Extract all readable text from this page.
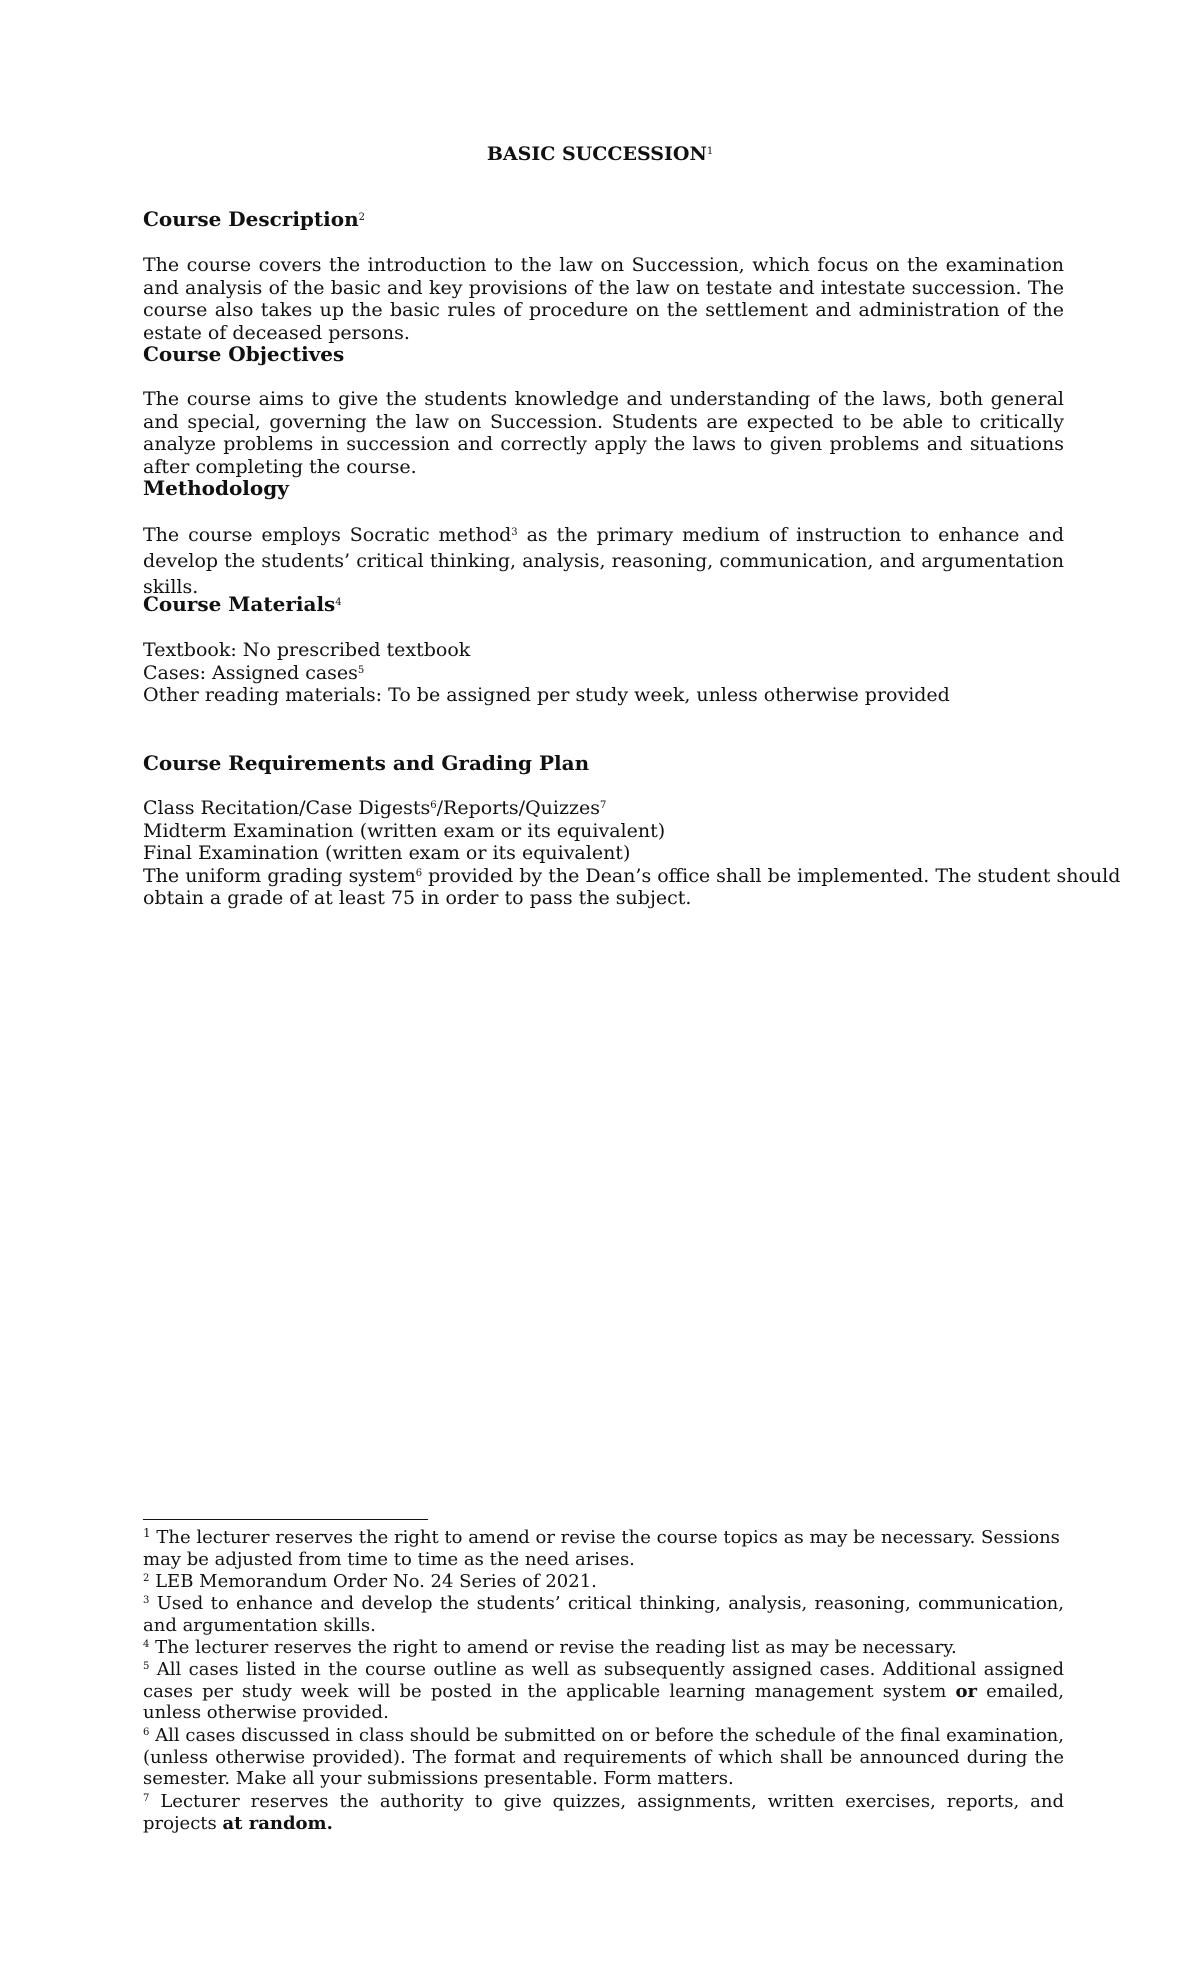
BASIC SUCCESSION$^1$
Course Description$^2$
The course covers the introduction to the law on Succession, which focus on the examination and analysis of the basic and key provisions of the law on testate and intestate succession. The course also takes up the basic rules of procedure on the settlement and administration of the estate of deceased persons.
Course Objectives
The course aims to give the students knowledge and understanding of the laws, both general and special, governing the law on Succession. Students are expected to be able to critically analyze problems in succession and correctly apply the laws to given problems and situations after completing the course.
Methodology
The course employs Socratic method$^3$ as the primary medium of instruction to enhance and develop the students’ critical thinking, analysis, reasoning, communication, and argumentation skills.
Course Materials$^4$
Textbook: No prescribed textbook
Cases: Assigned cases$^5$
Other reading materials: To be assigned per study week, unless otherwise provided
Course Requirements and Grading Plan
Class Recitation/Case Digests$^6$/Reports/Quizzes$^7$
Midterm Examination (written exam or its equivalent)
Final Examination (written exam or its equivalent)
The uniform grading system$^6$ provided by the Dean’s office shall be implemented. The student should
obtain a grade of at least 75 in order to pass the subject.
$^1$ The lecturer reserves the right to amend or revise the course topics as may be necessary. Sessions
may be adjusted from time to time as the need arises.
$^2$ LEB Memorandum Order No. 24 Series of 2021.
$^3$ Used to enhance and develop the students’ critical thinking, analysis, reasoning, communication, and argumentation skills.
$^4$ The lecturer reserves the right to amend or revise the reading list as may be necessary.
$^5$ All cases listed in the course outline as well as subsequently assigned cases. Additional assigned cases per study week will be posted in the applicable learning management system or emailed, unless otherwise provided.
$^6$ All cases discussed in class should be submitted on or before the schedule of the final examination, (unless otherwise provided). The format and requirements of which shall be announced during the semester. Make all your submissions presentable. Form matters.
$^7$ Lecturer reserves the authority to give quizzes, assignments, written exercises, reports, and projects at random.
